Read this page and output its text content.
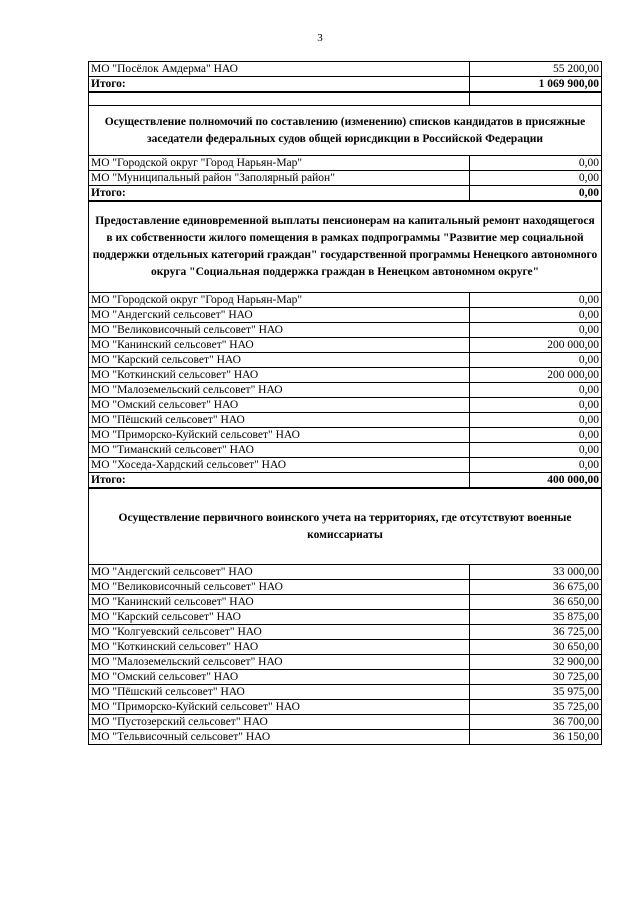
3
МО "Посёлок Амдерма" НАО	55 200,00
Итого:	1 069 900,00

Осуществление полномочий по составлению (изменению) списков кандидатов в присяжные заседатели федеральных судов общей юрисдикции в Российской Федерации	
МО "Городской округ "Город Нарьян-Мар"	0,00
МО "Муниципальный район "Заполярный район"	0,00
Итого:	0,00
Предоставление единовременной выплаты пенсионерам на капитальный ремонт находящегося в их собственности жилого помещения в рамках подпрограммы "Развитие мер социальной поддержки отдельных категорий граждан" государственной программы Ненецкого автономного округа "Социальная поддержка граждан в Ненецком автономном округе"	
МО "Городской округ "Город Нарьян-Мар"	0,00
МО "Андегский сельсовет" НАО	0,00
МО "Великовисочный сельсовет" НАО	0,00
МО "Канинский сельсовет" НАО	200 000,00
МО "Карский сельсовет" НАО	0,00
МО "Коткинский сельсовет" НАО	200 000,00
МО "Малоземельский сельсовет" НАО	0,00
МО "Омский сельсовет" НАО	0,00
МО "Пёшский сельсовет" НАО	0,00
МО "Приморско-Куйский сельсовет" НАО	0,00
МО "Тиманский сельсовет" НАО	0,00
МО "Хоседа-Хардский сельсовет" НАО	0,00
Итого:	400 000,00
Осуществление первичного воинского учета на территориях, где отсутствуют военные комиссариаты	
МО "Андегский сельсовет" НАО	33 000,00
МО "Великовисочный сельсовет" НАО	36 675,00
МО "Канинский сельсовет" НАО	36 650,00
МО "Карский сельсовет" НАО	35 875,00
МО "Колгуевский сельсовет" НАО	36 725,00
МО "Коткинский сельсовет" НАО	30 650,00
МО "Малоземельский сельсовет" НАО	32 900,00
МО "Омский сельсовет" НАО	30 725,00
МО "Пёшский сельсовет" НАО	35 975,00
МО "Приморско-Куйский сельсовет" НАО	35 725,00
МО "Пустозерский сельсовет" НАО	36 700,00
МО "Тельвисочный сельсовет" НАО	36 150,00
